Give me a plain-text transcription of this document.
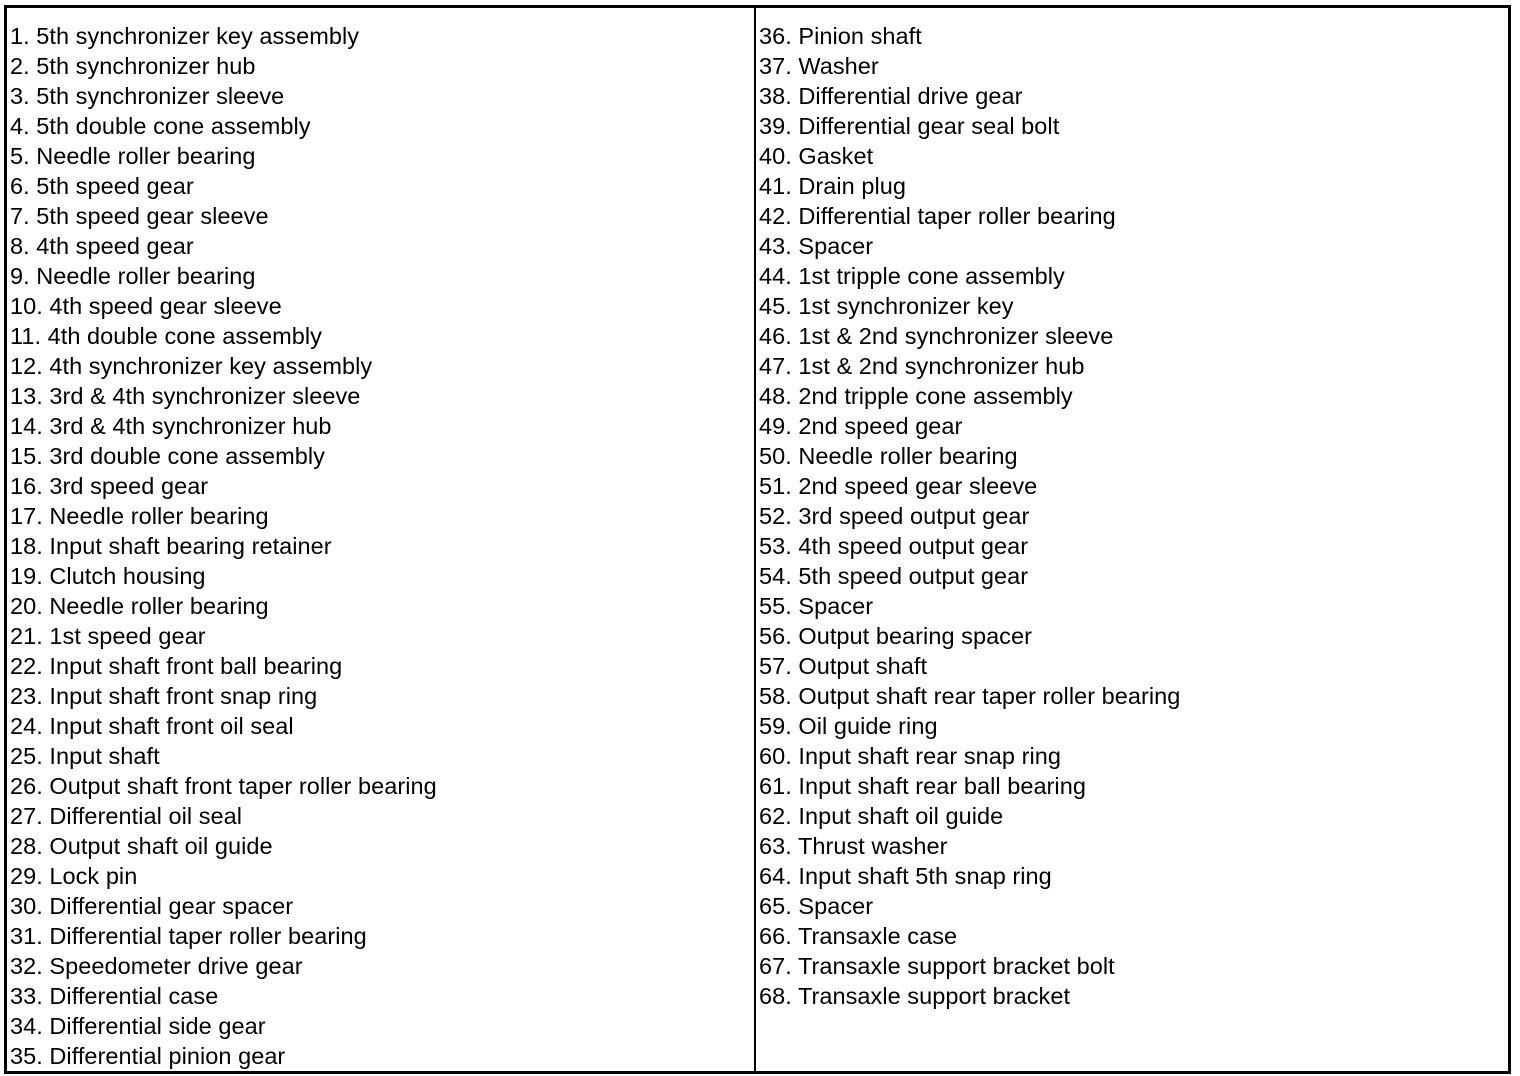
1. 5th synchronizer key assembly
2. 5th synchronizer hub
3. 5th synchronizer sleeve
4. 5th double cone assembly
5. Needle roller bearing
6. 5th speed gear
7. 5th speed gear sleeve
8. 4th speed gear
9. Needle roller bearing
10. 4th speed gear sleeve
11. 4th double cone assembly
12. 4th synchronizer key assembly
13. 3rd & 4th synchronizer sleeve
14. 3rd & 4th synchronizer hub
15. 3rd double cone assembly
16. 3rd speed gear
17. Needle roller bearing
18. Input shaft bearing retainer
19. Clutch housing
20. Needle roller bearing
21. 1st speed gear
22. Input shaft front ball bearing
23. Input shaft front snap ring
24. Input shaft front oil seal
25. Input shaft
26. Output shaft front taper roller bearing
27. Differential oil seal
28. Output shaft oil guide
29. Lock pin
30. Differential gear spacer
31. Differential taper roller bearing
32. Speedometer drive gear
33. Differential case
34. Differential side gear
35. Differential pinion gear
36. Pinion shaft
37. Washer
38. Differential drive gear
39. Differential gear seal bolt
40. Gasket
41. Drain plug
42. Differential taper roller bearing
43. Spacer
44. 1st tripple cone assembly
45. 1st synchronizer key
46. 1st & 2nd synchronizer sleeve
47. 1st & 2nd synchronizer hub
48. 2nd tripple cone assembly
49. 2nd speed gear
50. Needle roller bearing
51. 2nd speed gear sleeve
52. 3rd speed output gear
53. 4th speed output gear
54. 5th speed output gear
55. Spacer
56. Output bearing spacer
57. Output shaft
58. Output shaft rear taper roller bearing
59. Oil guide ring
60. Input shaft rear snap ring
61. Input shaft rear ball bearing
62. Input shaft oil guide
63. Thrust washer
64. Input shaft 5th snap ring
65. Spacer
66. Transaxle case
67. Transaxle support bracket bolt
68. Transaxle support bracket
